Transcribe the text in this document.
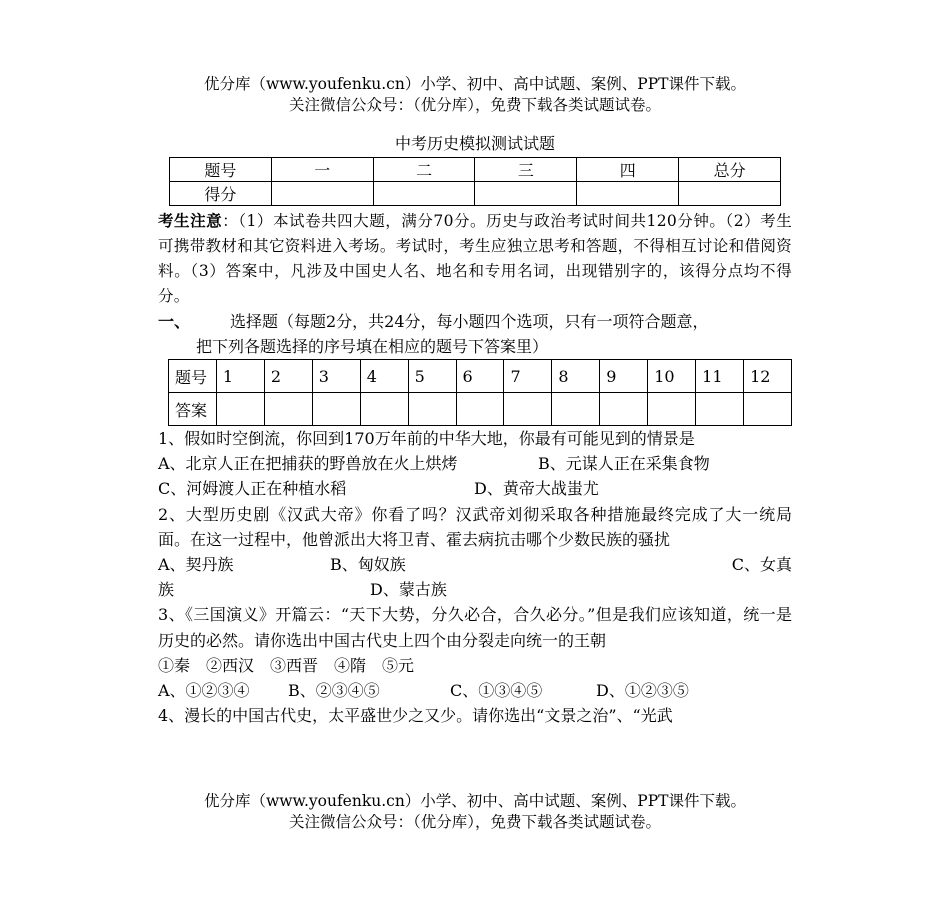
优分库（www.youfenku.cn）小学、初中、高中试题、案例、PPT课件下载。
关注微信公众号：（优分库），免费下载各类试题试卷。
中考历史模拟测试试题
题号	一	二	三	四	总分
得分					
考生注意：（1）本试卷共四大题，满分70分。历史与政治考试时间共120分钟。（2）考生可携带教材和其它资料进入考场。考试时，考生应独立思考和答题，不得相互讨论和借阅资料。（3）答案中，凡涉及中国史人名、地名和专用名词，出现错别字的，该得分点均不得分。
一、 选择题（每题2分，共24分，每小题四个选项，只有一项符合题意，
把下列各题选择的序号填在相应的题号下答案里）
题号	1	2	3	4	5	6	7	8	9	10	11	12
答案												
1、假如时空倒流，你回到170万年前的中华大地，你最有可能见到的情景是
A、北京人正在把捕获的野兽放在火上烘烤	B、元谋人正在采集食物
C、河姆渡人正在种植水稻	D、黄帝大战蚩尤
2、大型历史剧《汉武大帝》你看了吗？汉武帝刘彻采取各种措施最终完成了大一统局面。在这一过程中，他曾派出大将卫青、霍去病抗击哪个少数民族的骚扰
A、契丹族	B、匈奴族	C、女真
族	D、蒙古族
3、《三国演义》开篇云：“天下大势，分久必合，合久必分。”但是我们应该知道，统一是历史的必然。请你选出中国古代史上四个由分裂走向统一的王朝
①秦　②西汉　③西晋　④隋　⑤元
A、①②③④ B、②③④⑤	C、①③④⑤	D、①②③⑤
4、漫长的中国古代史，太平盛世少之又少。请你选出“文景之治”、“光武
优分库（www.youfenku.cn）小学、初中、高中试题、案例、PPT课件下载。
关注微信公众号：（优分库），免费下载各类试题试卷。
